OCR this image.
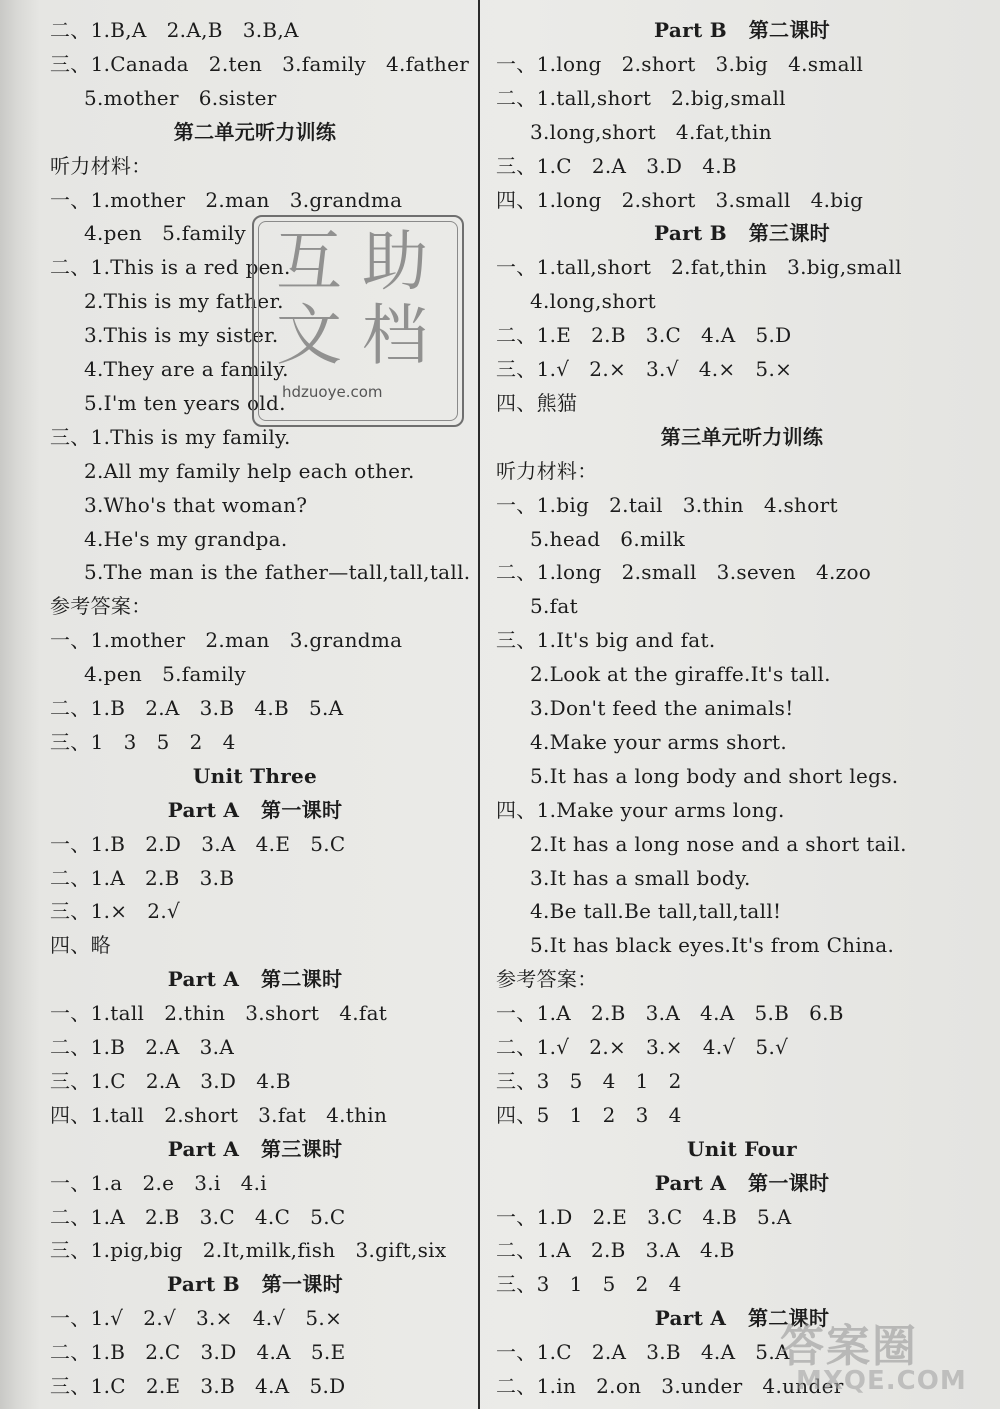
二、1.B,A   2.A,B   3.B,A
三、1.Canada   2.ten   3.family   4.father
5.mother   6.sister
第二单元听力训练
听力材料：
一、1.mother   2.man   3.grandma
4.pen   5.family
二、1.This is a red pen.
2.This is my father.
3.This is my sister.
4.They are a family.
5.I'm ten years old.
三、1.This is my family.
2.All my family help each other.
3.Who's that woman?
4.He's my grandpa.
5.The man is the father—tall,tall,tall.
参考答案：
一、1.mother   2.man   3.grandma
4.pen   5.family
二、1.B   2.A   3.B   4.B   5.A
三、1   3   5   2   4
Unit Three
Part A   第一课时
一、1.B   2.D   3.A   4.E   5.C
二、1.A   2.B   3.B
三、1.×   2.√
四、略
Part A   第二课时
一、1.tall   2.thin   3.short   4.fat
二、1.B   2.A   3.A
三、1.C   2.A   3.D   4.B
四、1.tall   2.short   3.fat   4.thin
Part A   第三课时
一、1.a   2.e   3.i   4.i
二、1.A   2.B   3.C   4.C   5.C
三、1.pig,big   2.It,milk,fish   3.gift,six
Part B   第一课时
一、1.√   2.√   3.×   4.√   5.×
二、1.B   2.C   3.D   4.A   5.E
三、1.C   2.E   3.B   4.A   5.D
Part B   第二课时
一、1.long   2.short   3.big   4.small
二、1.tall,short   2.big,small
3.long,short   4.fat,thin
三、1.C   2.A   3.D   4.B
四、1.long   2.short   3.small   4.big
Part B   第三课时
一、1.tall,short   2.fat,thin   3.big,small
4.long,short
二、1.E   2.B   3.C   4.A   5.D
三、1.√   2.×   3.√   4.×   5.×
四、熊猫
第三单元听力训练
听力材料：
一、1.big   2.tail   3.thin   4.short
5.head   6.milk
二、1.long   2.small   3.seven   4.zoo
5.fat
三、1.It's big and fat.
2.Look at the giraffe.It's tall.
3.Don't feed the animals!
4.Make your arms short.
5.It has a long body and short legs.
四、1.Make your arms long.
2.It has a long nose and a short tail.
3.It has a small body.
4.Be tall.Be tall,tall,tall!
5.It has black eyes.It's from China.
参考答案：
一、1.A   2.B   3.A   4.A   5.B   6.B
二、1.√   2.×   3.×   4.√   5.√
三、3   5   4   1   2
四、5   1   2   3   4
Unit Four
Part A   第一课时
一、1.D   2.E   3.C   4.B   5.A
二、1.A   2.B   3.A   4.B
三、3   1   5   2   4
Part A   第二课时
一、1.C   2.A   3.B   4.A   5.A
二、1.in   2.on   3.under   4.under
互 助
文 档
hdzuoye.com
答案圈
MXQE.COM
